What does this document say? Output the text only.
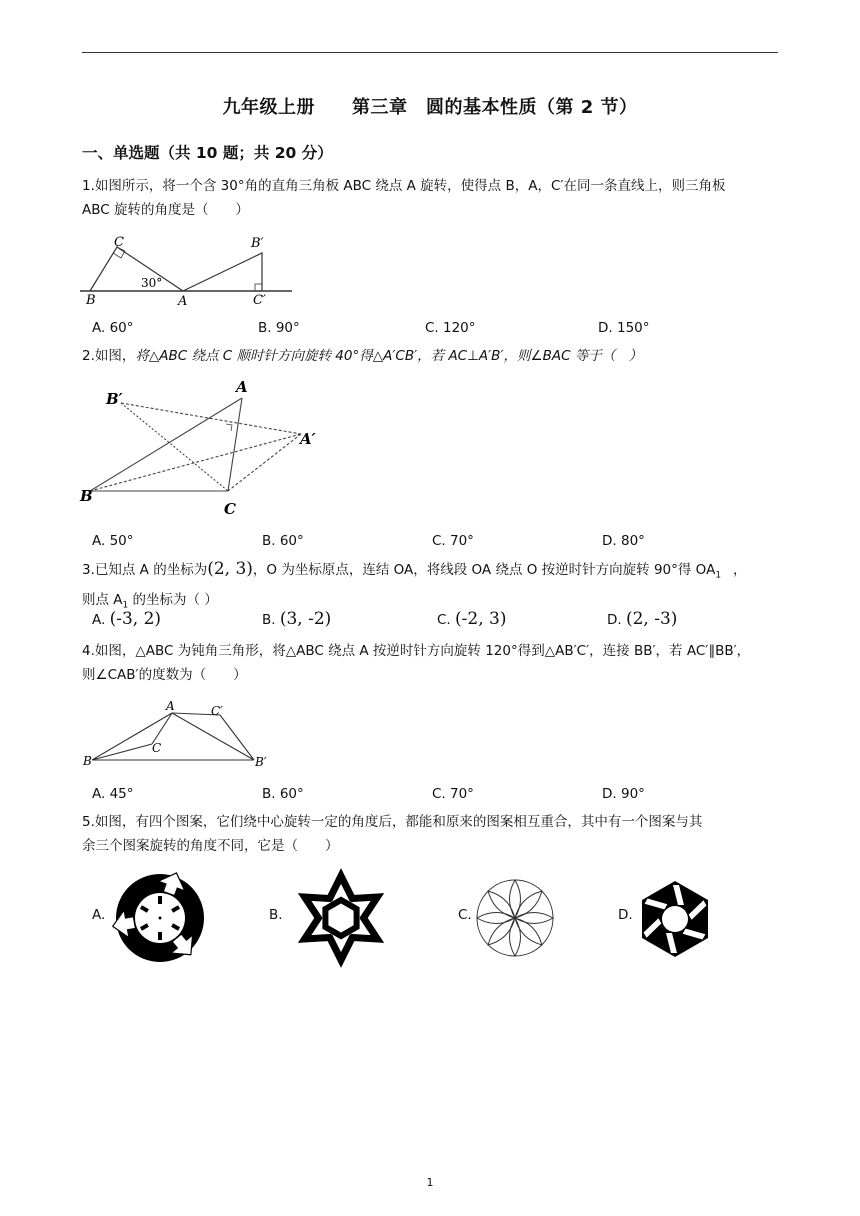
九年级上册　　第三章　圆的基本性质（第 2 节）
一、单选题（共 10 题；共 20 分）
1.如图所示，将一个含 30°角的直角三角板 ABC 绕点 A 旋转，使得点 B，A，C′在同一条直线上，则三角板
ABC 旋转的角度是（　　）
C
30°
B	A
B′
C′
A. 60°	B. 90°	C. 120°	D. 150°
2.如图，将△ABC 绕点 C 顺时针方向旋转 40°得△A′CB′，若 AC⊥A′B′，则∠BAC 等于（　）
B′
A
A′
B
C
A. 50°	B. 60°	C. 70°	D. 80°
3.已知点 A 的坐标为(2, 3)，O 为坐标原点，连结 OA，将线段 OA 绕点 O 按逆时针方向旋转 90°得 $OA_1$ ，
则点 $A_1$ 的坐标为（ ）
A. (-3, 2)	B. (3, -2)	C. (-2, 3)	D. (2, -3)
4.如图，△ABC 为钝角三角形，将△ABC 绕点 A 按逆时针方向旋转 120°得到△AB′C′，连接 BB′，若 AC′∥BB′，
则∠CAB′的度数为（　　）
A	C′
C
B	B′
A. 45°	B. 60°	C. 70°	D. 90°
5.如图，有四个图案，它们绕中心旋转一定的角度后，都能和原来的图案相互重合，其中有一个图案与其
余三个图案旋转的角度不同，它是（　　）
A.	B.	C.	D.
1
